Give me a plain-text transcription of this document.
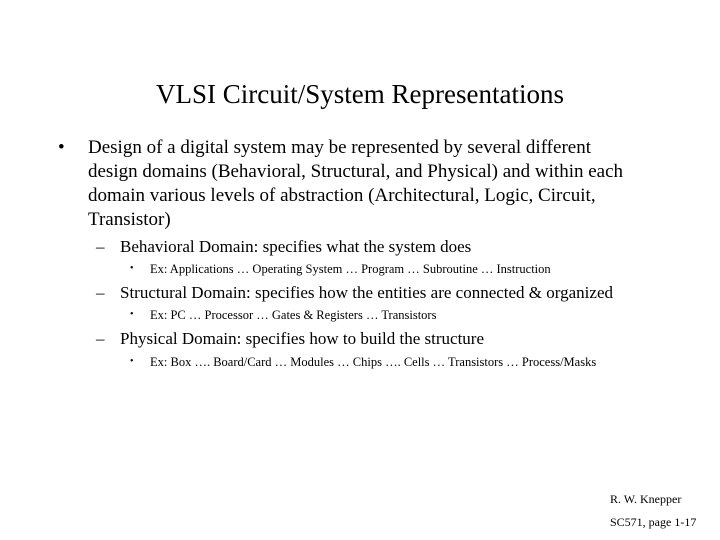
VLSI Circuit/System Representations
• Design of a digital system may be represented by several different
design domains (Behavioral, Structural, and Physical) and within each
domain various levels of abstraction (Architectural, Logic, Circuit,
Transistor)
– Behavioral Domain: specifies what the system does
• Ex: Applications … Operating System … Program … Subroutine … Instruction
– Structural Domain: specifies how the entities are connected & organized
• Ex: PC … Processor … Gates & Registers … Transistors
– Physical Domain: specifies how to build the structure
• Ex: Box …. Board/Card … Modules … Chips …. Cells … Transistors … Process/Masks
R. W. Knepper
SC571, page 1-17
